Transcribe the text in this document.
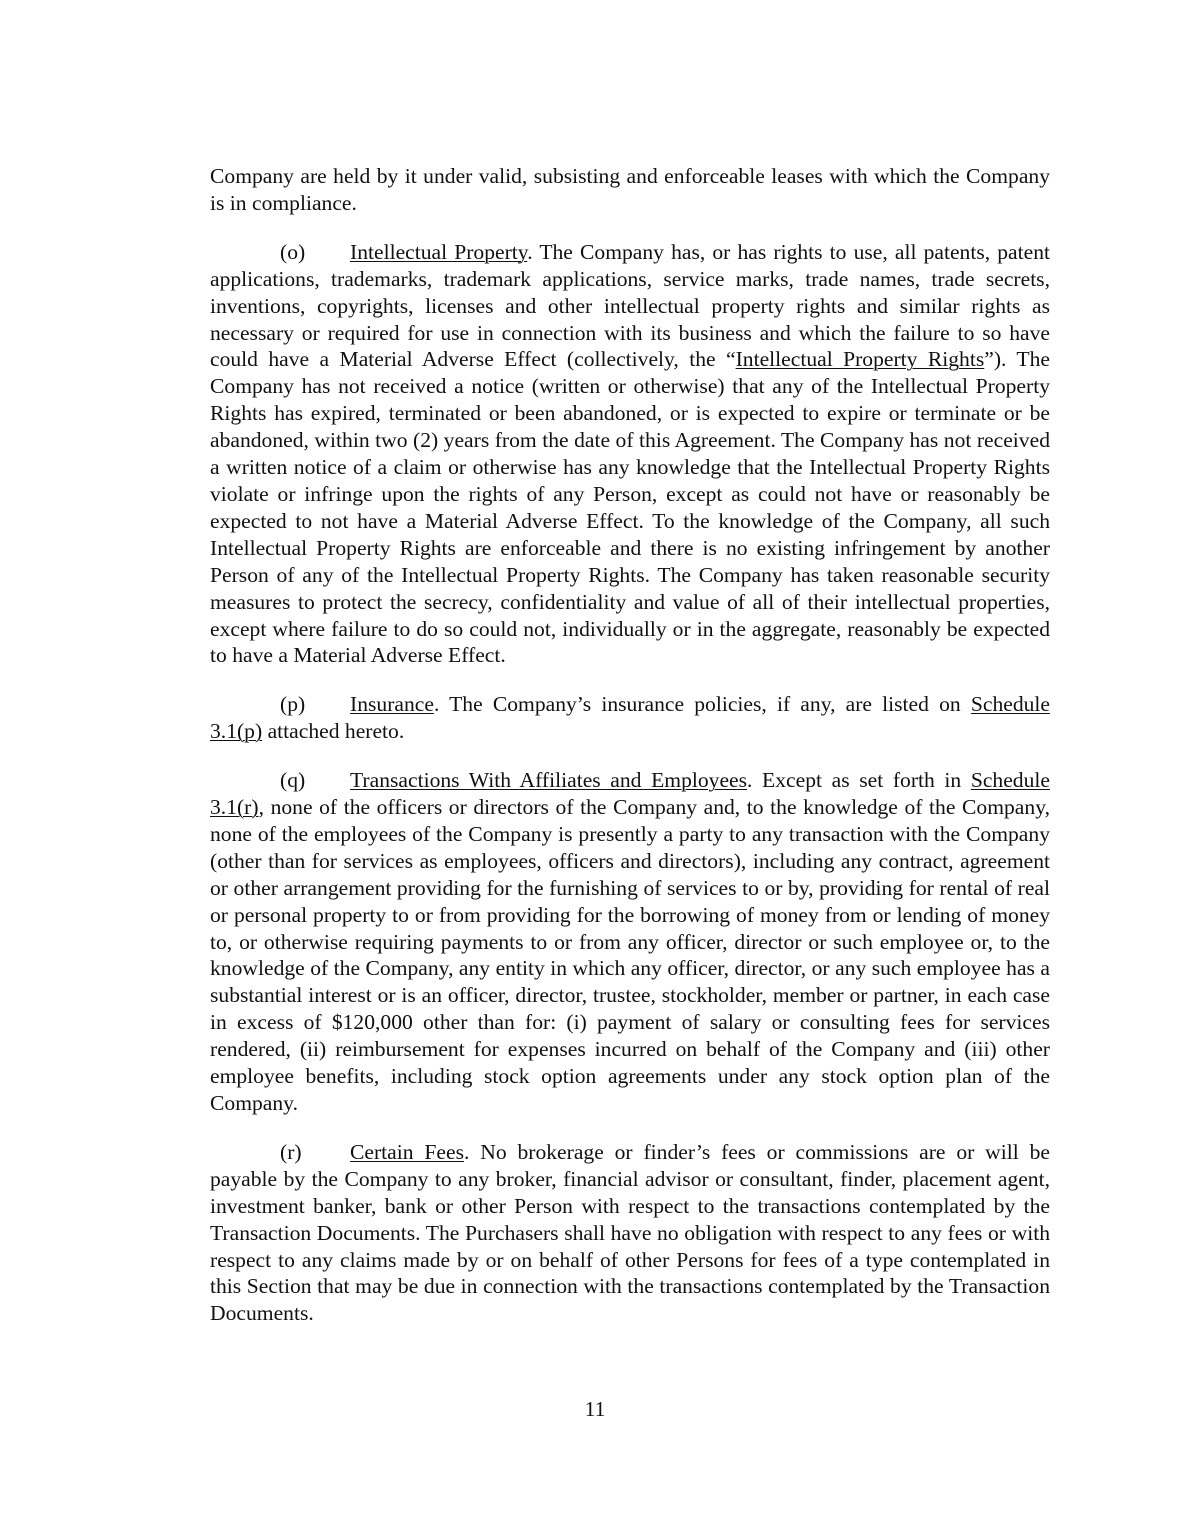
Company are held by it under valid, subsisting and enforceable leases with which the Company is in compliance.

(o) Intellectual Property. The Company has, or has rights to use, all patents, patent applications, trademarks, trademark applications, service marks, trade names, trade secrets, inventions, copyrights, licenses and other intellectual property rights and similar rights as necessary or required for use in connection with its business and which the failure to so have could have a Material Adverse Effect (collectively, the “Intellectual Property Rights”). The Company has not received a notice (written or otherwise) that any of the Intellectual Property Rights has expired, terminated or been abandoned, or is expected to expire or terminate or be abandoned, within two (2) years from the date of this Agreement. The Company has not received a written notice of a claim or otherwise has any knowledge that the Intellectual Property Rights violate or infringe upon the rights of any Person, except as could not have or reasonably be expected to not have a Material Adverse Effect. To the knowledge of the Company, all such Intellectual Property Rights are enforceable and there is no existing infringement by another Person of any of the Intellectual Property Rights. The Company has taken reasonable security measures to protect the secrecy, confidentiality and value of all of their intellectual properties, except where failure to do so could not, individually or in the aggregate, reasonably be expected to have a Material Adverse Effect.

(p) Insurance. The Company’s insurance policies, if any, are listed on Schedule 3.1(p) attached hereto.

(q) Transactions With Affiliates and Employees. Except as set forth in Schedule 3.1(r), none of the officers or directors of the Company and, to the knowledge of the Company, none of the employees of the Company is presently a party to any transaction with the Company (other than for services as employees, officers and directors), including any contract, agreement or other arrangement providing for the furnishing of services to or by, providing for rental of real or personal property to or from providing for the borrowing of money from or lending of money to, or otherwise requiring payments to or from any officer, director or such employee or, to the knowledge of the Company, any entity in which any officer, director, or any such employee has a substantial interest or is an officer, director, trustee, stockholder, member or partner, in each case in excess of $120,000 other than for: (i) payment of salary or consulting fees for services rendered, (ii) reimbursement for expenses incurred on behalf of the Company and (iii) other employee benefits, including stock option agreements under any stock option plan of the Company.

(r) Certain Fees. No brokerage or finder’s fees or commissions are or will be payable by the Company to any broker, financial advisor or consultant, finder, placement agent, investment banker, bank or other Person with respect to the transactions contemplated by the Transaction Documents. The Purchasers shall have no obligation with respect to any fees or with respect to any claims made by or on behalf of other Persons for fees of a type contemplated in this Section that may be due in connection with the transactions contemplated by the Transaction Documents.

11
